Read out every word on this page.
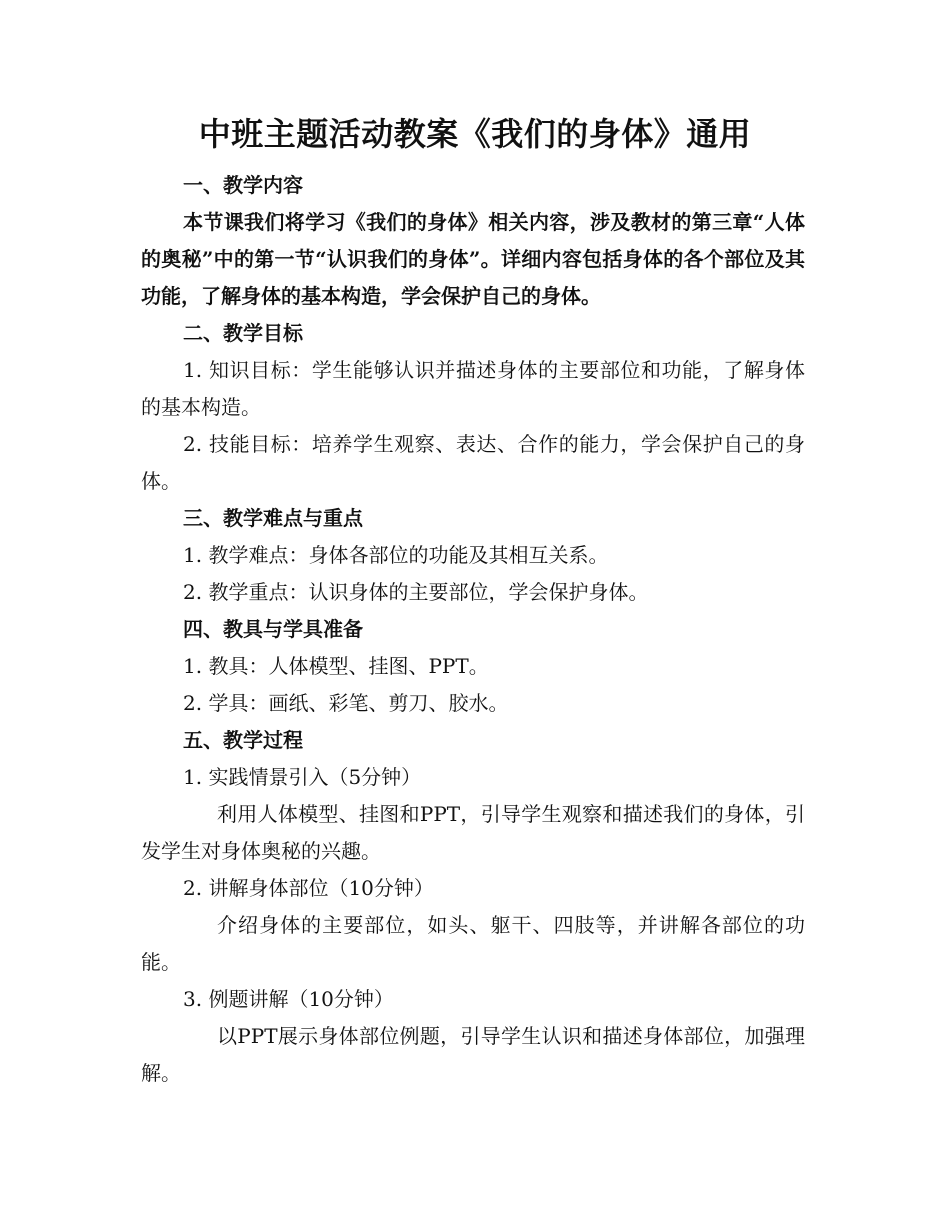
中班主题活动教案《我们的身体》通用

一、教学内容

本节课我们将学习《我们的身体》相关内容，涉及教材的第三章“人体的奥秘”中的第一节“认识我们的身体”。详细内容包括身体的各个部位及其功能，了解身体的基本构造，学会保护自己的身体。

二、教学目标

1. 知识目标：学生能够认识并描述身体的主要部位和功能，了解身体的基本构造。

2. 技能目标：培养学生观察、表达、合作的能力，学会保护自己的身体。

三、教学难点与重点

1. 教学难点：身体各部位的功能及其相互关系。

2. 教学重点：认识身体的主要部位，学会保护身体。

四、教具与学具准备

1. 教具：人体模型、挂图、PPT。

2. 学具：画纸、彩笔、剪刀、胶水。

五、教学过程

1. 实践情景引入（5分钟）

利用人体模型、挂图和PPT，引导学生观察和描述我们的身体，引发学生对身体奥秘的兴趣。

2. 讲解身体部位（10分钟）

介绍身体的主要部位，如头、躯干、四肢等，并讲解各部位的功能。

3. 例题讲解（10分钟）

以PPT展示身体部位例题，引导学生认识和描述身体部位，加强理解。
